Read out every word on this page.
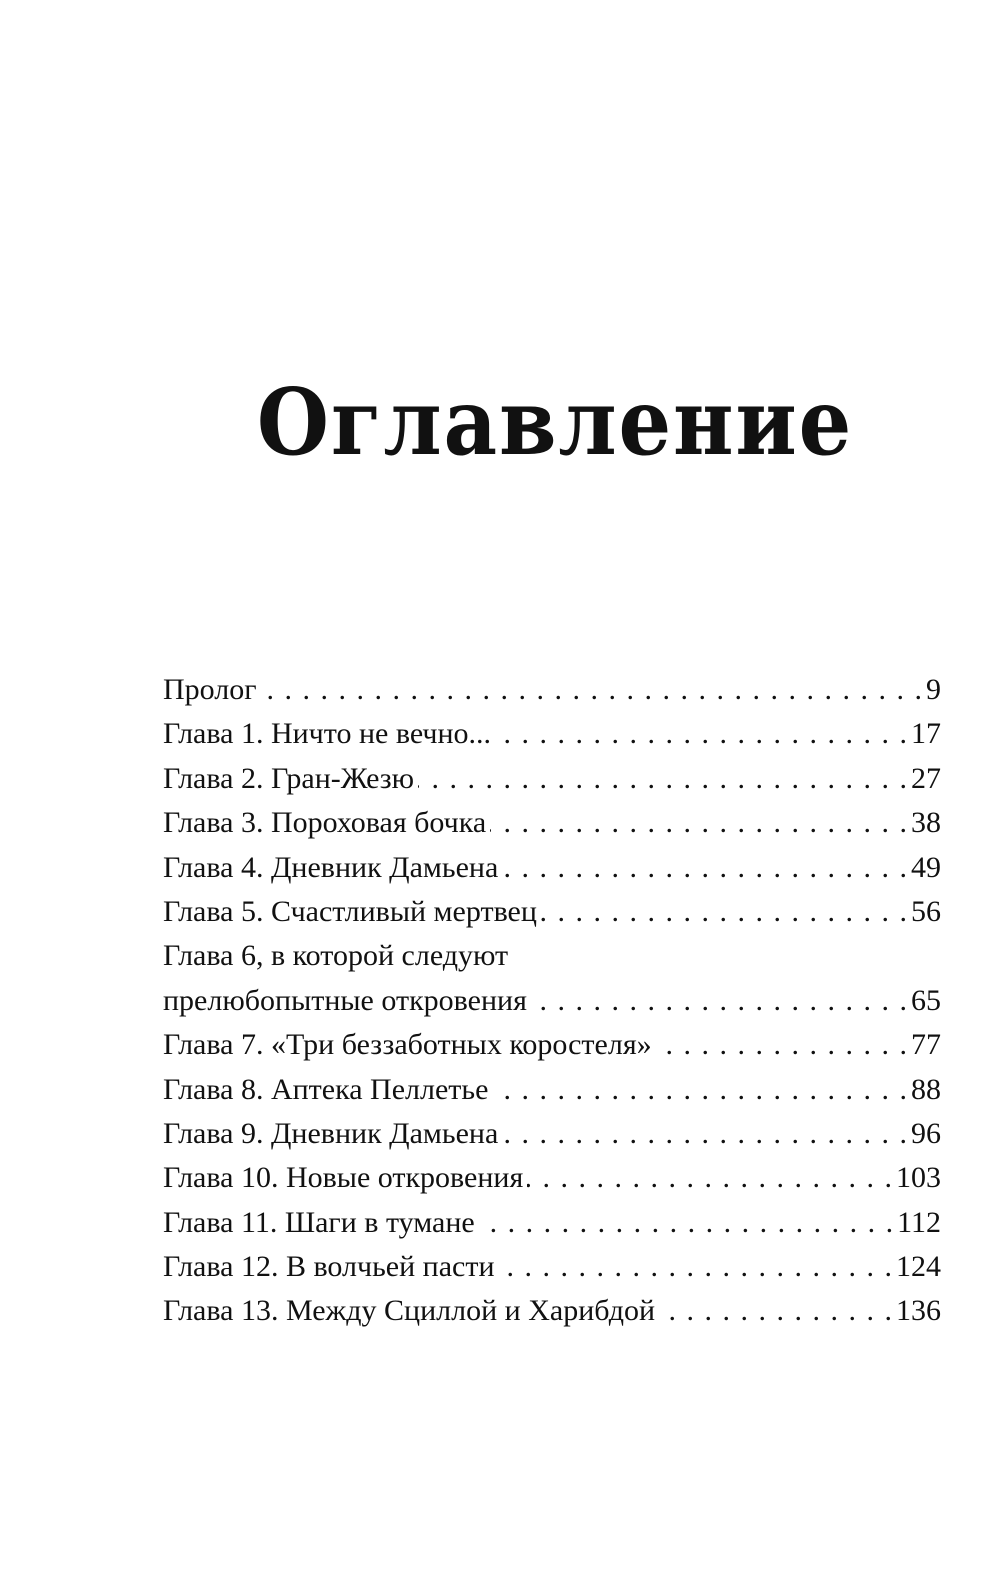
Оглавление
Пролог . . .	9
Глава 1. Ничто не вечно... . . .	17
Глава 2. Гран-Жезю . . .	27
Глава 3. Пороховая бочка . . .	38
Глава 4. Дневник Дамьена . . .	49
Глава 5. Счастливый мертвец . . .	56
Глава 6, в которой следуют
прелюбопытные откровения . . .	65
Глава 7. «Три беззаботных коростеля» . . .	77
Глава 8. Аптека Пеллетье . . .	88
Глава 9. Дневник Дамьена . . .	96
Глава 10. Новые откровения . . .	103
Глава 11. Шаги в тумане . . .	112
Глава 12. В волчьей пасти . . .	124
Глава 13. Между Сциллой и Харибдой . . .	136
